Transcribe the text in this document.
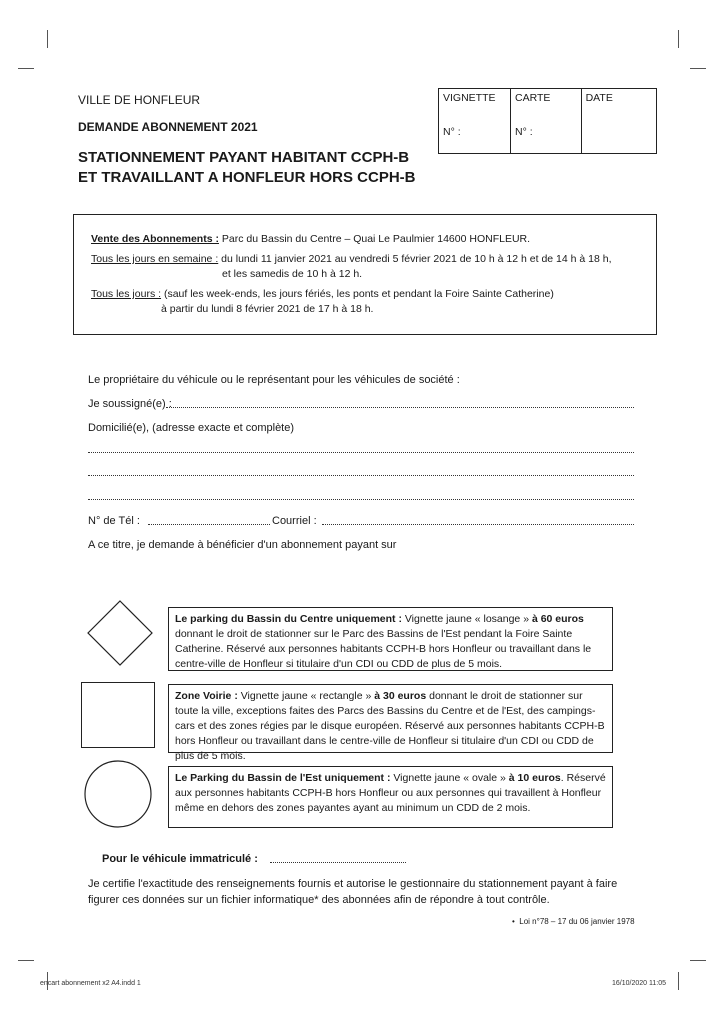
VILLE DE HONFLEUR
DEMANDE ABONNEMENT 2021
STATIONNEMENT PAYANT HABITANT CCPH-B
ET TRAVAILLANT A HONFLEUR HORS CCPH-B
VIGNETTE
N° :

CARTE
N° :

DATE
Vente des Abonnements : Parc du Bassin du Centre – Quai Le Paulmier 14600 HONFLEUR.
Tous les jours en semaine : du lundi 11 janvier 2021 au vendredi 5 février 2021 de 10 h à 12 h et de 14 h à 18 h,
et les samedis de 10 h à 12 h.
Tous les jours : (sauf les week-ends, les jours fériés, les ponts et pendant la Foire Sainte Catherine)
à partir du lundi 8 février 2021 de 17 h à 18 h.
Le propriétaire du véhicule ou le représentant pour les véhicules de société :
Je soussigné(e) :
Domicilié(e), (adresse exacte et complète)
N° de Tél :	Courriel :
A ce titre, je demande à bénéficier d'un abonnement payant sur
Le parking du Bassin du Centre uniquement : Vignette jaune « losange » à 60 euros donnant le droit de stationner sur le Parc des Bassins de l'Est pendant la Foire Sainte Catherine. Réservé aux personnes habitants CCPH-B hors Honfleur ou travaillant dans le centre-ville de Honfleur si titulaire d'un CDI ou CDD de plus de 5 mois.
Zone Voirie : Vignette jaune « rectangle » à 30 euros donnant le droit de stationner sur toute la ville, exceptions faites des Parcs des Bassins du Centre et de l'Est, des campings-cars et des zones régies par le disque européen. Réservé aux personnes habitants CCPH-B hors Honfleur ou travaillant dans le centre-ville de Honfleur si titulaire d'un CDI ou CDD de plus de 5 mois.
Le Parking du Bassin de l'Est uniquement : Vignette jaune « ovale » à 10 euros. Réservé aux personnes habitants CCPH-B hors Honfleur ou aux personnes qui travaillent à Honfleur même en dehors des zones payantes ayant au minimum un CDD de 2 mois.
Pour le véhicule immatriculé :
Je certifie l'exactitude des renseignements fournis et autorise le gestionnaire du stationnement payant à faire figurer ces données sur un fichier informatique* des abonnées afin de répondre à tout contrôle.
• Loi n°78 – 17 du 06 janvier 1978
encart abonnement x2 A4.indd 1	16/10/2020 11:05
